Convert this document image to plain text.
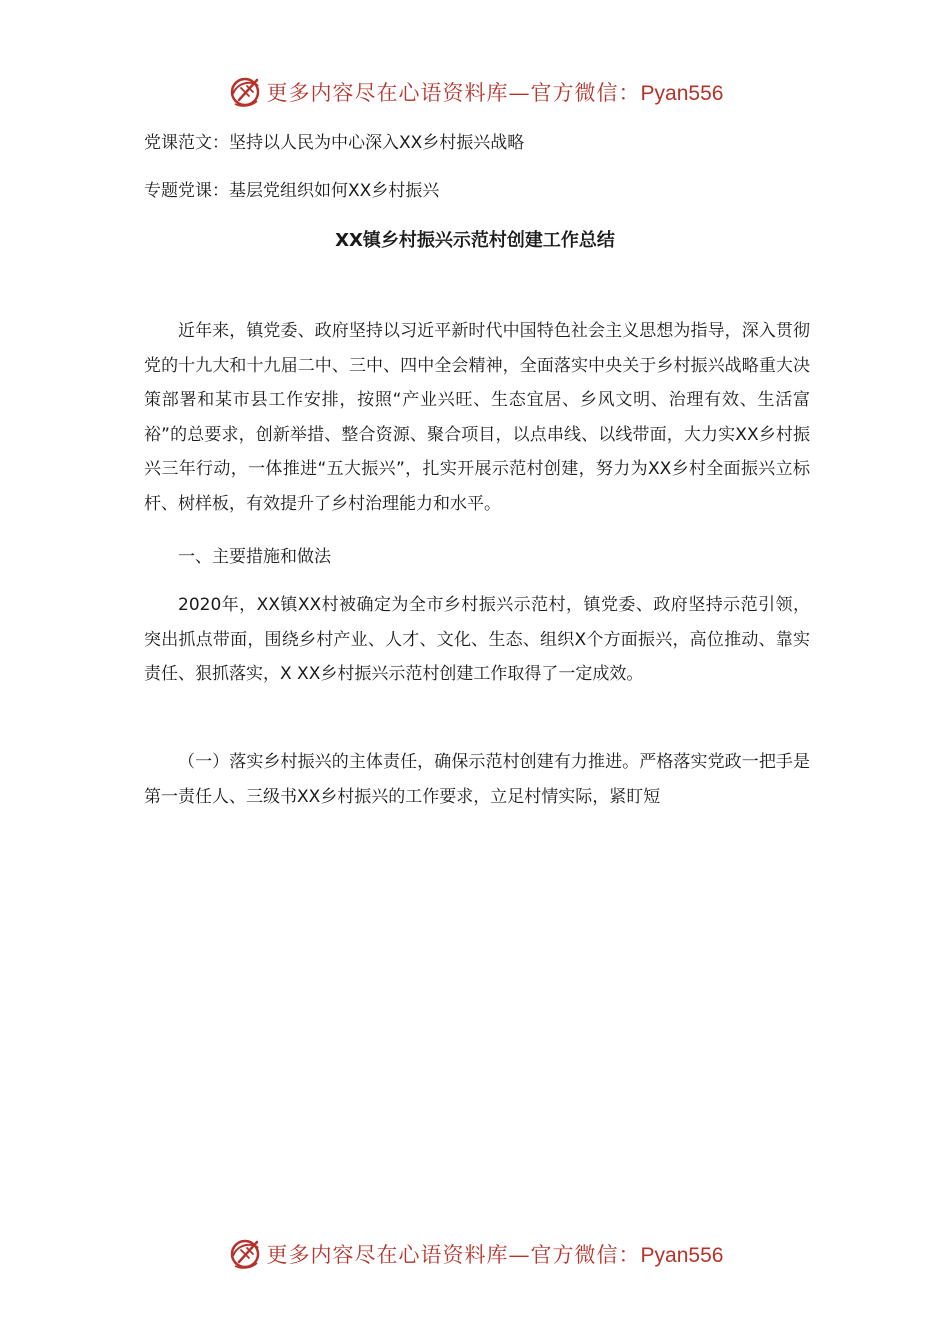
更多内容尽在心语资料库—官方微信：Pyan556
党课范文：坚持以人民为中心深入XX乡村振兴战略
专题党课：基层党组织如何XX乡村振兴
XX镇乡村振兴示范村创建工作总结

近年来，镇党委、政府坚持以习近平新时代中国特色社会主义思想为指导，深入贯彻党的十九大和十九届二中、三中、四中全会精神，全面落实中央关于乡村振兴战略重大决策部署和某市县工作安排，按照“产业兴旺、生态宜居、乡风文明、治理有效、生活富裕”的总要求，创新举措、整合资源、聚合项目，以点串线、以线带面，大力实XX乡村振兴三年行动，一体推进“五大振兴”，扎实开展示范村创建，努力为XX乡村全面振兴立标杆、树样板，有效提升了乡村治理能力和水平。

一、主要措施和做法

2020年，XX镇XX村被确定为全市乡村振兴示范村，镇党委、政府坚持示范引领，突出抓点带面，围绕乡村产业、人才、文化、生态、组织X个方面振兴，高位推动、靠实责任、狠抓落实，X XX乡村振兴示范村创建工作取得了一定成效。

（一）落实乡村振兴的主体责任，确保示范村创建有力推进。严格落实党政一把手是第一责任人、三级书XX乡村振兴的工作要求，立足村情实际，紧盯短

更多内容尽在心语资料库—官方微信：Pyan556
